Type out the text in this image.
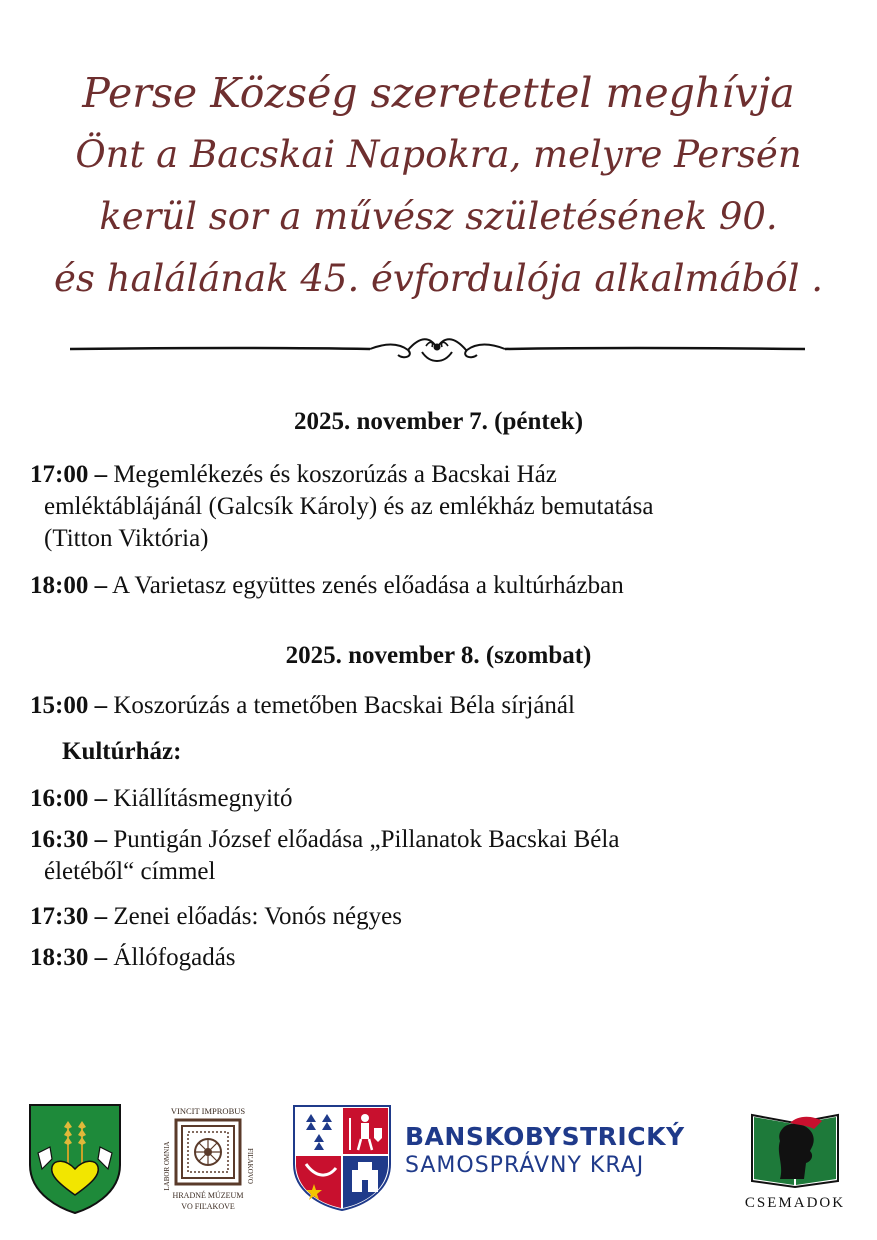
Perse Község szeretettel meghívja
Önt a Bacskai Napokra, melyre Persén
kerül sor a művész születésének 90.
és halálának 45. évfordulója alkalmából .
2025. november 7. (péntek)
17:00 – Megemlékezés és koszorúzás a Bacskai Ház
emléktáblájánál (Galcsík Károly) és az emlékház bemutatása
(Titton Viktória)
18:00 – A Varietasz együttes zenés előadása a kultúrházban
2025. november 8. (szombat)
15:00 – Koszorúzás a temetőben Bacskai Béla sírjánál
Kultúrház:
16:00 – Kiállításmegnyitó
16:30 – Puntigán József előadása „Pillanatok Bacskai Béla
életéből“ címmel
17:30 – Zenei előadás: Vonós négyes
18:30 – Állófogadás
VINCIT IMPROBUS
LABOR OMNIA	FIĽAKOVO
HRADNÉ MÚZEUM
VO FIĽAKOVE
BANSKOBYSTRICKÝ
SAMOSPRÁVNY KRAJ
CSEMADOK
